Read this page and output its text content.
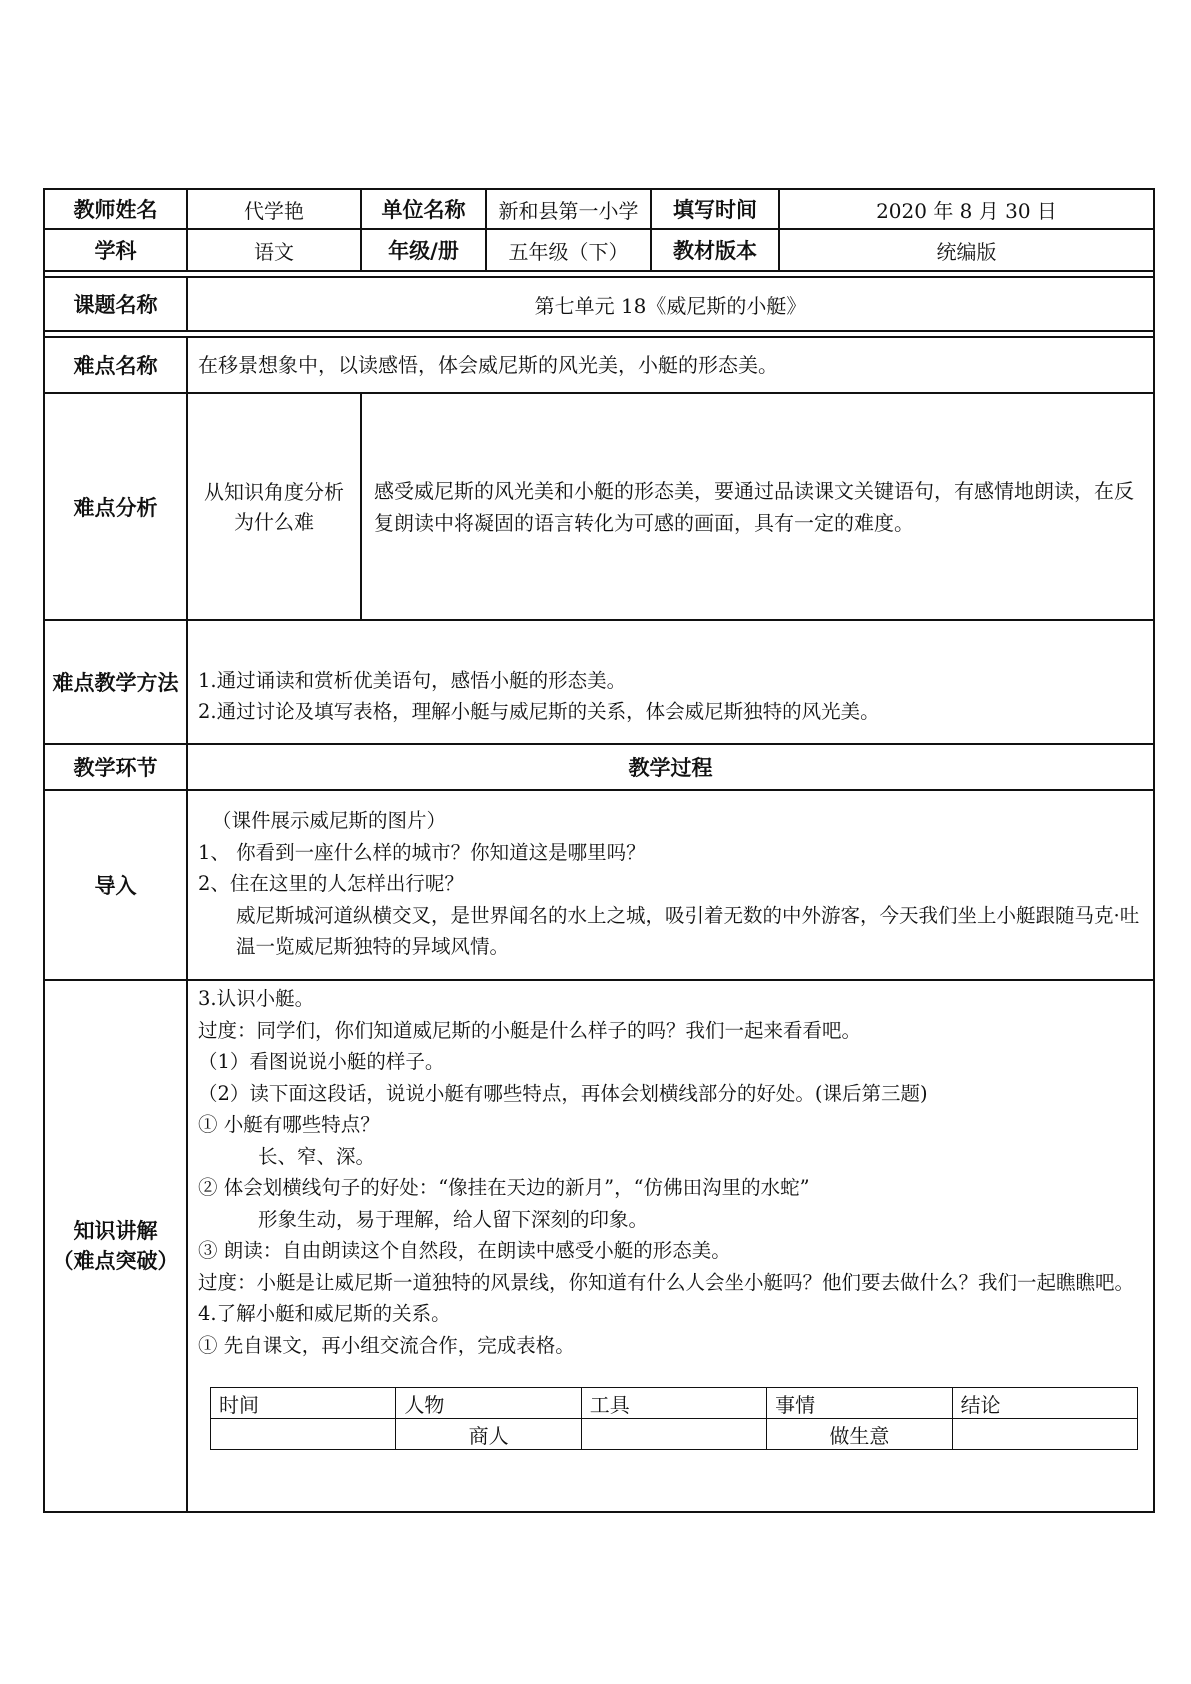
教师姓名	代学艳	单位名称	新和县第一小学	填写时间	2020 年 8 月 30 日
学科	语文	年级/册	五年级（下）	教材版本	统编版

课题名称	第七单元 18《威尼斯的小艇》

难点名称	在移景想象中，以读感悟，体会威尼斯的风光美，小艇的形态美。
难点分析	从知识角度分析为什么难	感受威尼斯的风光美和小艇的形态美，要通过品读课文关键语句，有感情地朗读，在反复朗读中将凝固的语言转化为可感的画面，具有一定的难度。
难点教学方法	1.通过诵读和赏析优美语句，感悟小艇的形态美。

2.通过讨论及填写表格，理解小艇与威尼斯的关系，体会威尼斯独特的风光美。

教学环节	教学过程
导入	

（课件展示威尼斯的图片）

1、 你看到一座什么样的城市？你知道这是哪里吗？

2、住在这里的人怎样出行呢？

威尼斯城河道纵横交叉，是世界闻名的水上之城，吸引着无数的中外游客，今天我们坐上小艇跟随马克·吐温一览威尼斯独特的异域风情。

知识讲解
（难点突破）

3.认识小艇。

过度：同学们，你们知道威尼斯的小艇是什么样子的吗？我们一起来看看吧。

（1）看图说说小艇的样子。

（2）读下面这段话，说说小艇有哪些特点，再体会划横线部分的好处。(课后第三题)

① 小艇有哪些特点？

长、窄、深。

② 体会划横线句子的好处：“像挂在天边的新月”，“仿佛田沟里的水蛇”

形象生动，易于理解，给人留下深刻的印象。

③ 朗读：自由朗读这个自然段，在朗读中感受小艇的形态美。

过度：小艇是让威尼斯一道独特的风景线，你知道有什么人会坐小艇吗？他们要去做什么？我们一起瞧瞧吧。

4.了解小艇和威尼斯的关系。

① 先自课文，再小组交流合作，完成表格。

时间	人物	工具	事情	结论
	商人		做生意	
